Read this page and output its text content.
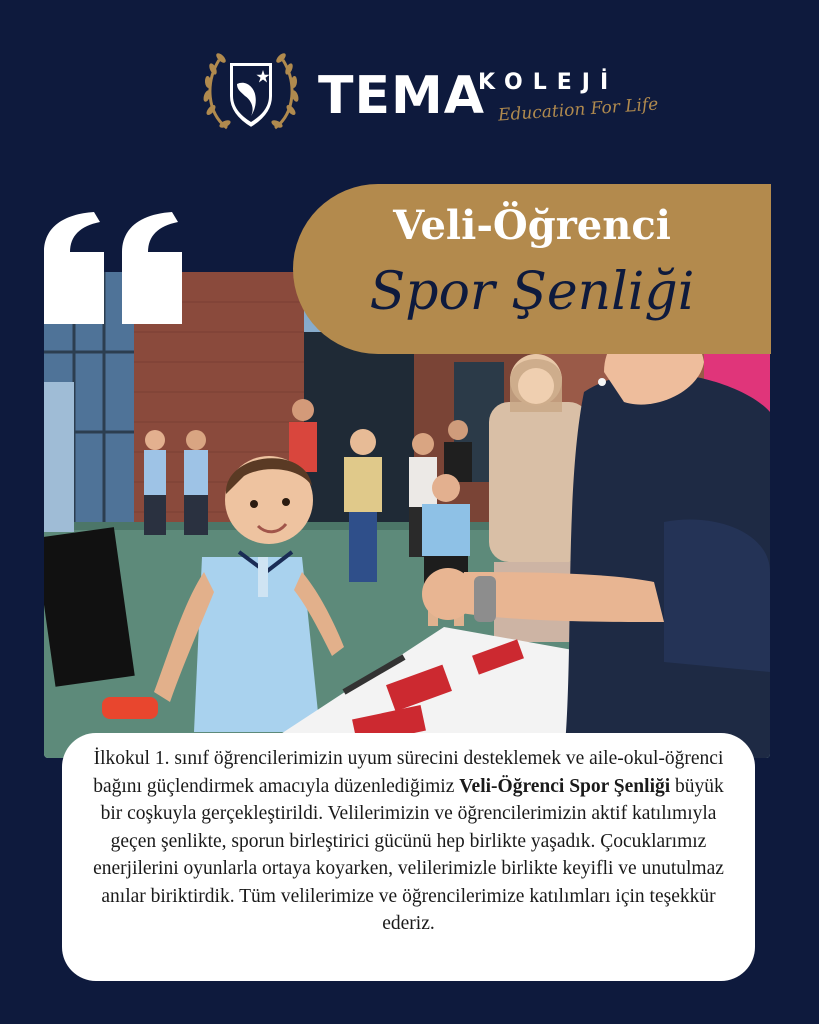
TEMA
KOLEJİ
Education For Life
Veli-Öğrenci
Spor Şenliği
İlkokul 1. sınıf öğrencilerimizin uyum sürecini desteklemek ve aile-okul-öğrenci bağını güçlendirmek amacıyla düzenlediğimiz Veli-Öğrenci Spor Şenliği büyük bir coşkuyla gerçekleştirildi. Velilerimizin ve öğrencilerimizin aktif katılımıyla geçen şenlikte, sporun birleştirici gücünü hep birlikte yaşadık. Çocuklarımız enerjilerini oyunlarla ortaya koyarken, velilerimizle birlikte keyifli ve unutulmaz anılar biriktirdik. Tüm velilerimize ve öğrencilerimize katılımları için teşekkür ederiz.
